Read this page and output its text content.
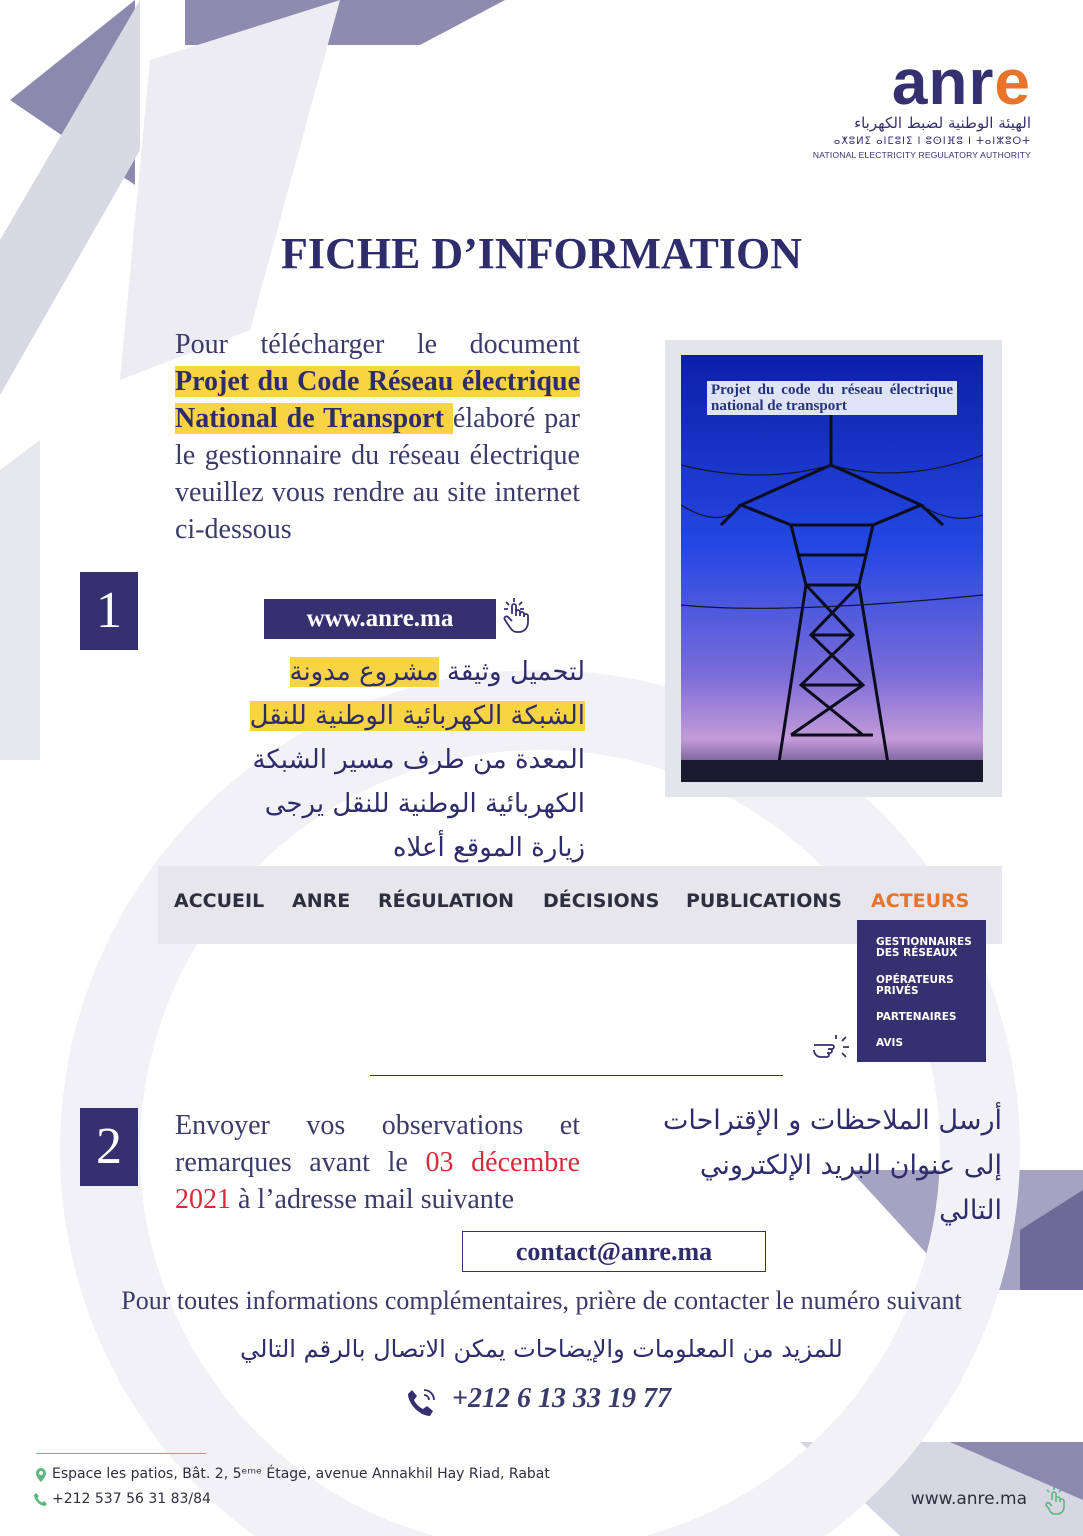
anre
الهيئة الوطنية لضبط الكهرباء
ⴰⵅⵓⵍⵉ ⴰⵏⵎⵓⵏⵉ ⵏ ⵓⵙⵏⴼⵓ ⵏ ⵜⴰⵏⵣⵓⵔⵜ
NATIONAL ELECTRICITY REGULATORY AUTHORITY
FICHE D’INFORMATION
1
Pour télécharger le document Projet du Code Réseau électrique National de Transport élaboré par le gestionnaire du réseau électrique veuillez vous rendre au site internet ci-dessous
www.anre.ma
لتحميل وثيقة مشروع مدونة
الشبكة الكهربائية الوطنية للنقل
المعدة من طرف مسير الشبكة
الكهربائية الوطنية للنقل يرجى
زيارة الموقع أعلاه
Projet du code du réseau électrique national de transport
ACCUEIL ANRE RÉGULATION DÉCISIONS PUBLICATIONS ACTEURS
GESTIONNAIRES
DES RÉSEAUX
OPÉRATEURS
PRIVÉS
PARTENAIRES
AVIS
2	Envoyer vos observations et remarques avant le 03 décembre 2021 à l’adresse mail suivante
أرسل الملاحظات و الإقتراحات
إلى عنوان البريد الإلكتروني
التالي
contact@anre.ma
Pour toutes informations complémentaires, prière de contacter le numéro suivant
للمزيد من المعلومات والإيضاحات يمكن الاتصال بالرقم التالي
+212 6 13 33 19 77
Espace les patios, Bât. 2, 5ᵉᵐᵉ Étage, avenue Annakhil Hay Riad, Rabat
+212 537 56 31 83/84	www.anre.ma
